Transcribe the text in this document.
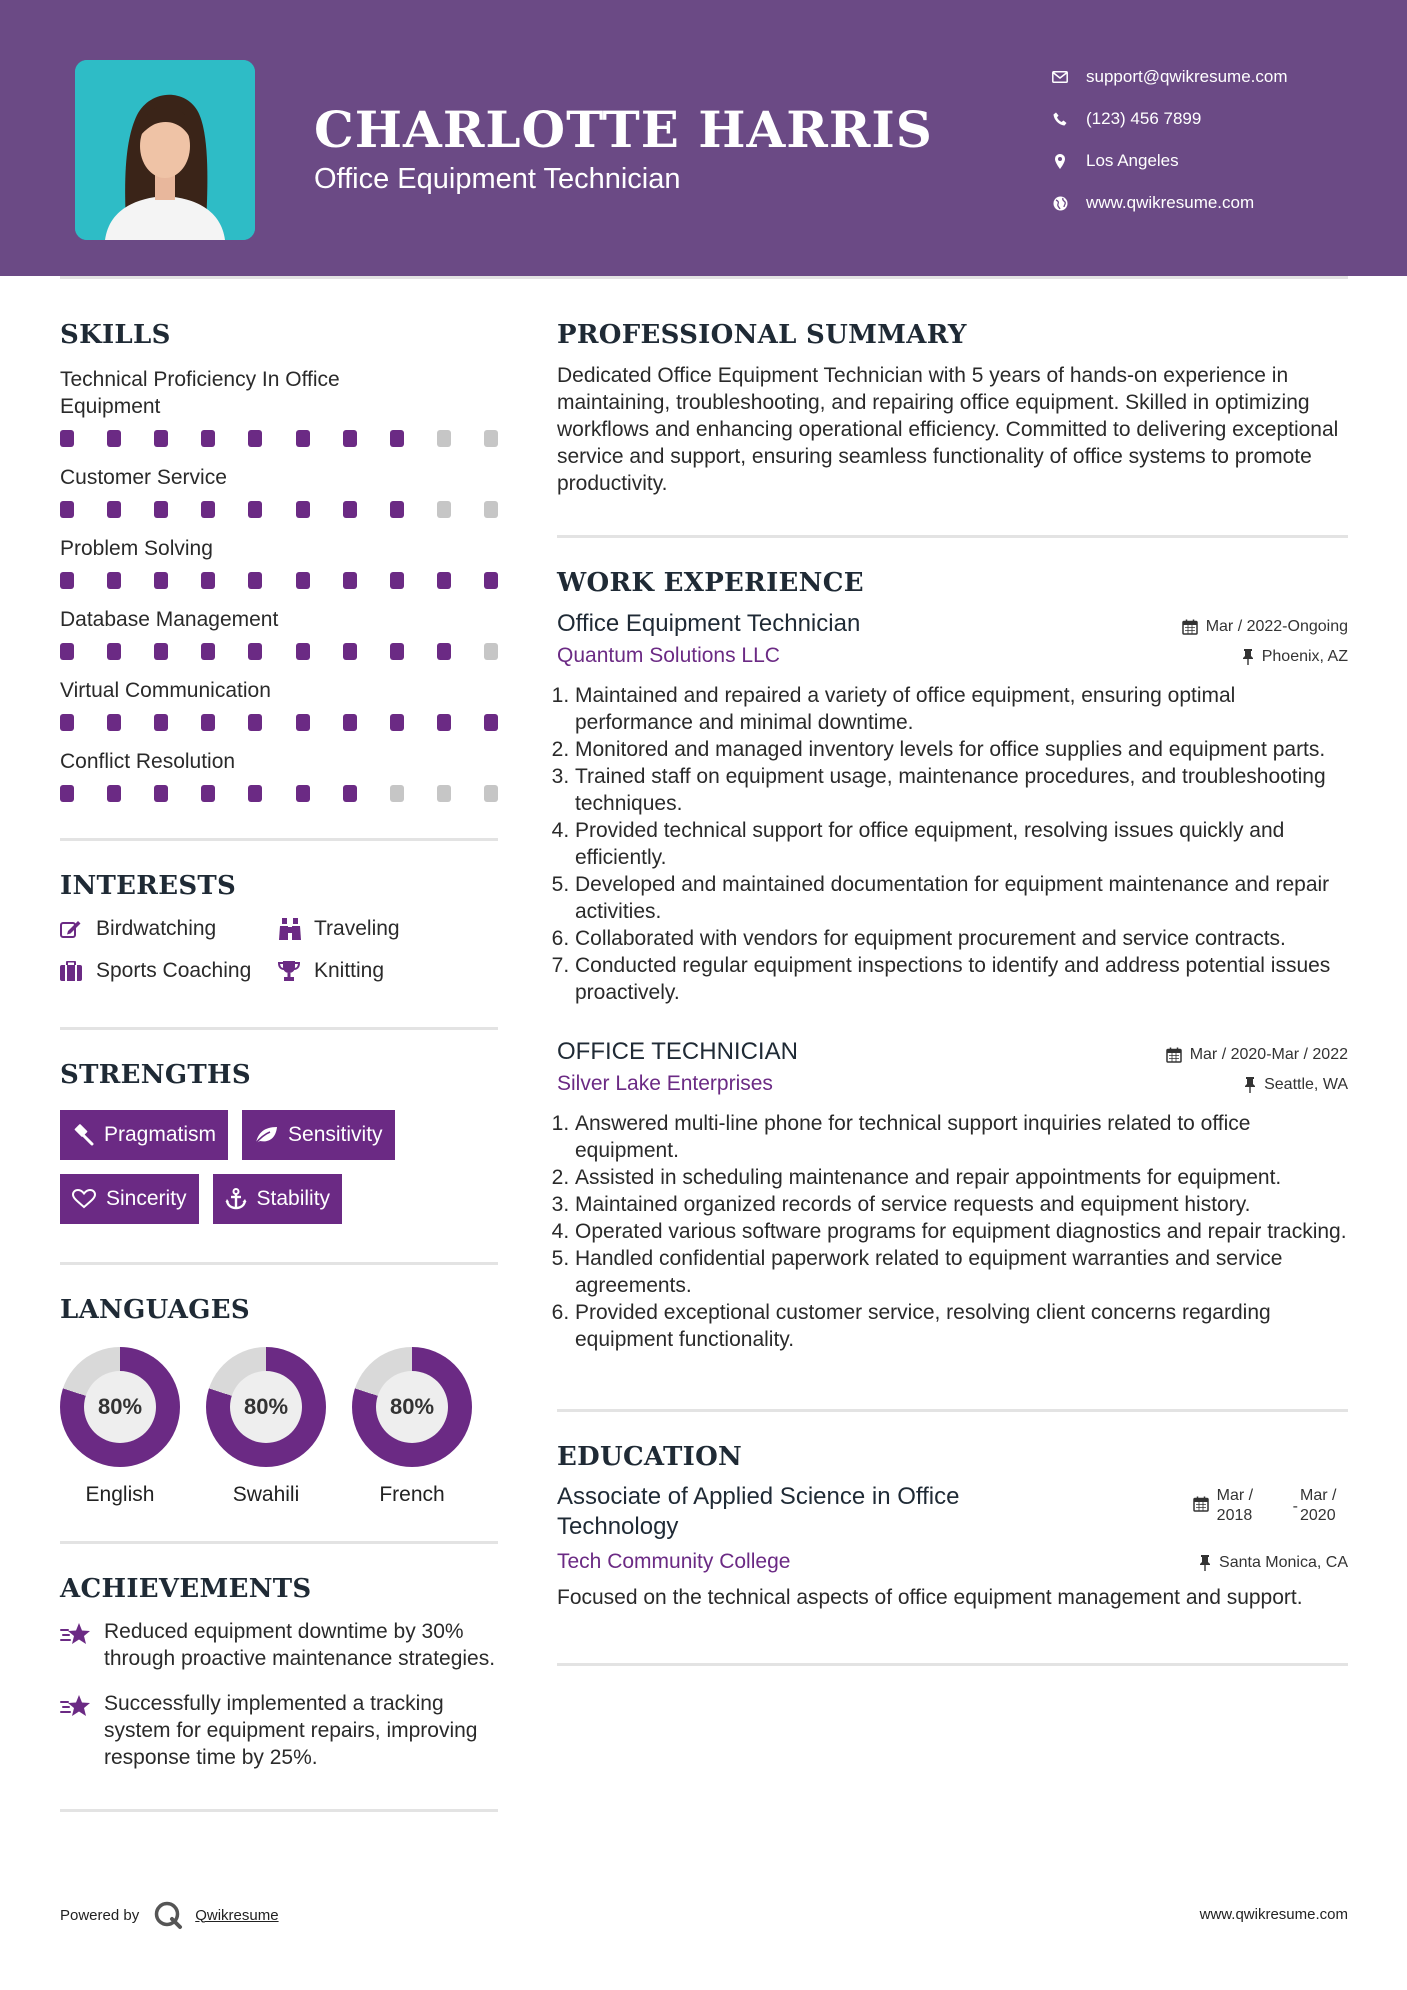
CHARLOTTE HARRIS
Office Equipment Technician
support@qwikresume.com
(123) 456 7899
Los Angeles
www.qwikresume.com
SKILLS
Technical Proficiency In Office Equipment
Customer Service
Problem Solving
Database Management
Virtual Communication
Conflict Resolution
INTERESTS
Birdwatching	Traveling
Sports Coaching	Knitting
STRENGTHS
Pragmatism	Sensitivity
Sincerity	Stability
LANGUAGES
80%
English
80%
Swahili
80%
French
ACHIEVEMENTS
Reduced equipment downtime by 30% through proactive maintenance strategies.
Successfully implemented a tracking system for equipment repairs, improving response time by 25%.
PROFESSIONAL SUMMARY
Dedicated Office Equipment Technician with 5 years of hands-on experience in maintaining, troubleshooting, and repairing office equipment. Skilled in optimizing workflows and enhancing operational efficiency. Committed to delivering exceptional service and support, ensuring seamless functionality of office systems to promote productivity.
WORK EXPERIENCE
Office Equipment Technician	Mar / 2022-Ongoing
Quantum Solutions LLC	Phoenix, AZ
1. Maintained and repaired a variety of office equipment, ensuring optimal performance and minimal downtime.
2. Monitored and managed inventory levels for office supplies and equipment parts.
3. Trained staff on equipment usage, maintenance procedures, and troubleshooting techniques.
4. Provided technical support for office equipment, resolving issues quickly and efficiently.
5. Developed and maintained documentation for equipment maintenance and repair activities.
6. Collaborated with vendors for equipment procurement and service contracts.
7. Conducted regular equipment inspections to identify and address potential issues proactively.
OFFICE TECHNICIAN	Mar / 2020-Mar / 2022
Silver Lake Enterprises	Seattle, WA
1. Answered multi-line phone for technical support inquiries related to office equipment.
2. Assisted in scheduling maintenance and repair appointments for equipment.
3. Maintained organized records of service requests and equipment history.
4. Operated various software programs for equipment diagnostics and repair tracking.
5. Handled confidential paperwork related to equipment warranties and service agreements.
6. Provided exceptional customer service, resolving client concerns regarding equipment functionality.
EDUCATION
Associate of Applied Science in Office Technology
Mar / 2018
-
Mar / 2020
Tech Community College	Santa Monica, CA
Focused on the technical aspects of office equipment management and support.
Powered by	Qwikresume	www.qwikresume.com
